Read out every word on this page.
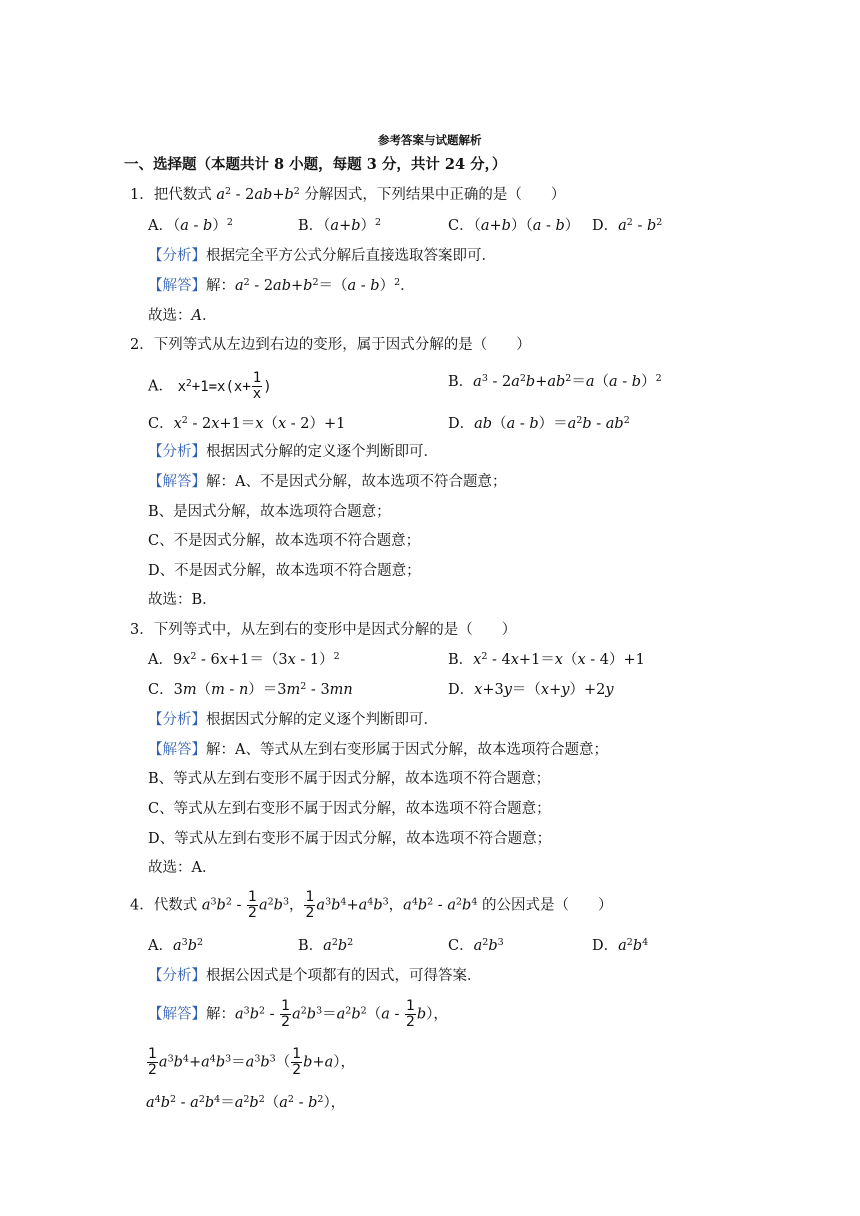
参考答案与试题解析
一、选择题（本题共计 8 小题，每题 3 分，共计 24 分，）
1．把代数式 $a^2 - 2ab+b^2$ 分解因式，下列结果中正确的是（　　）
A．（a - b）$^2$	B．$(a+b)^2$	C．（a+b）（a - b） D．$a^2 - b^2$
【分析】根据完全平方公式分解后直接选取答案即可．
【解答】解：$a^2 - 2ab+b^2=(a - b)^2$．
故选：A．
2．下列等式从左边到右边的变形，属于因式分解的是（　　）
A． $x^2+1=x(x+ \frac{1}{x}$ )	B．$a^3 - 2a^2b+ab^2=a(a - b)^2$
C．$x^2 - 2x+1=x(x - 2)+1$	D．$ab(a - b)=a^2b - ab^2$
【分析】根据因式分解的定义逐个判断即可．
【解答】解：A、不是因式分解，故本选项不符合题意；
B、是因式分解，故本选项符合题意；
C、不是因式分解，故本选项不符合题意；
D、不是因式分解，故本选项不符合题意；
故选：B．
3．下列等式中，从左到右的变形中是因式分解的是（　　）
A．$9x^2 - 6x+1=(3x - 1)^2$	B．$x^2 - 4x+1=x(x - 4)+1$
C．$3m(m - n)=3m^2 - 3mn$	D．x+3y＝（x+y）+2y
【分析】根据因式分解的定义逐个判断即可．
【解答】解：A、等式从左到右变形属于因式分解，故本选项符合题意；
B、等式从左到右变形不属于因式分解，故本选项不符合题意；
C、等式从左到右变形不属于因式分解，故本选项不符合题意；
D、等式从左到右变形不属于因式分解，故本选项不符合题意；
故选：A．
4．代数式 $a^3b^2 - \frac{1}{2} a^2b^3$， $\frac{1}{2} a^3b^4+a^4b^3$，$a^4b^2 - a^2b^4$ 的公因式是（　　）
A．$a^3b^2$	B．$a^2b^2$	C．$a^2b^3$	D．$a^2b^4$
【分析】根据公因式是个项都有的因式，可得答案．
【解答】解：$a^3b^2 - \frac{1}{2} a^2b^3=a^2b^2(a - \frac{1}{2} b)$，
$\frac{1}{2} a^3b^4+a^4b^3=a^3b^3( \frac{1}{2} b+a)$，
$a^4b^2 - a^2b^4=a^2b^2(a^2 - b^2)$，
